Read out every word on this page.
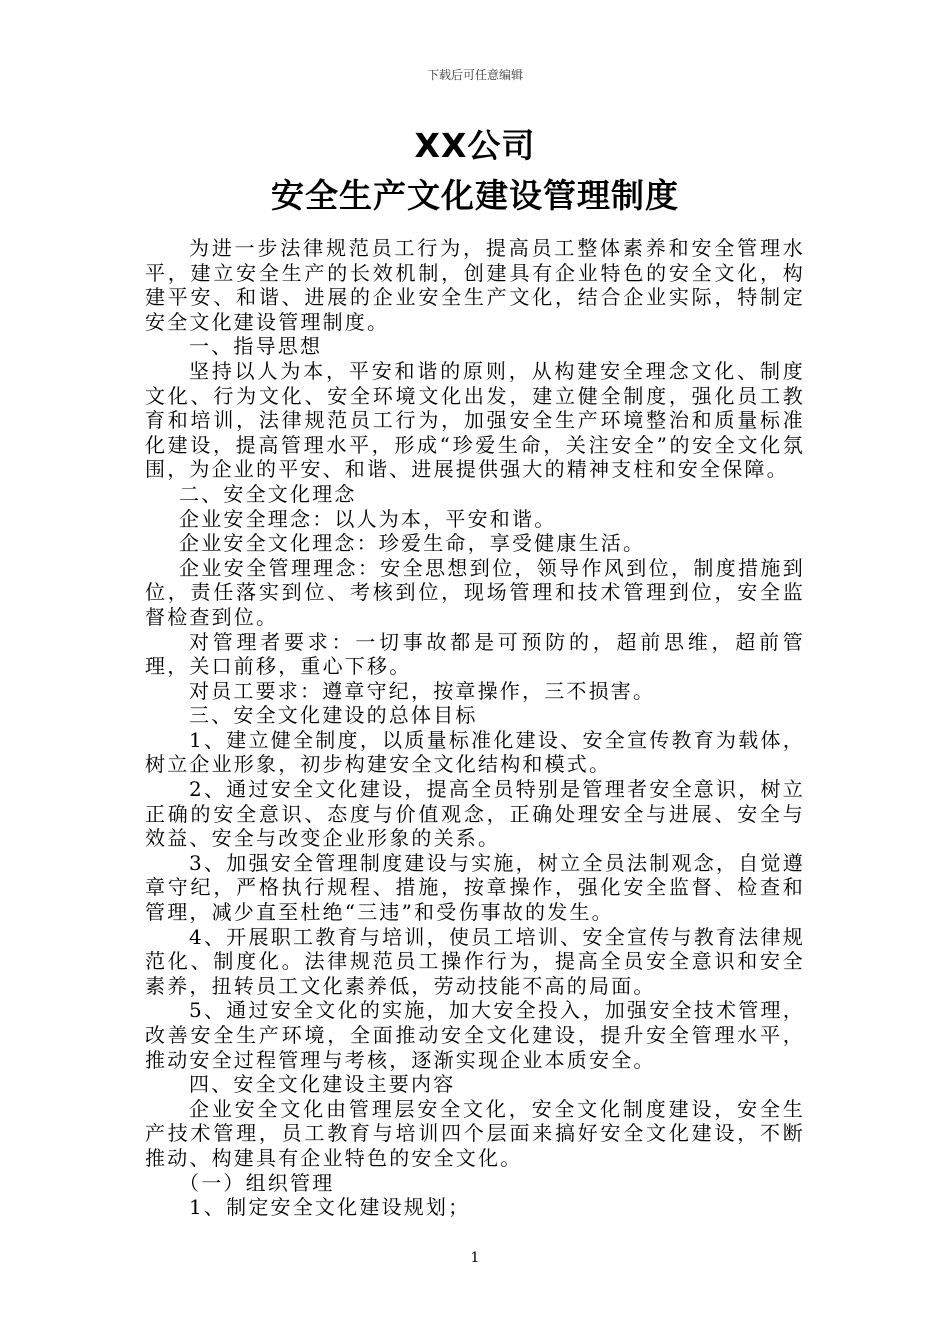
下载后可任意编辑
XX公司
安全生产文化建设管理制度

为进一步法律规范员工行为，提高员工整体素养和安全管理水平，建立安全生产的长效机制，创建具有企业特色的安全文化，构建平安、和谐、进展的企业安全生产文化，结合企业实际，特制定安全文化建设管理制度。

一、指导思想

坚持以人为本，平安和谐的原则，从构建安全理念文化、制度文化、行为文化、安全环境文化出发，建立健全制度，强化员工教育和培训，法律规范员工行为，加强安全生产环境整治和质量标准化建设，提高管理水平，形成“珍爱生命，关注安全”的安全文化氛围，为企业的平安、和谐、进展提供强大的精神支柱和安全保障。

二、安全文化理念

企业安全理念：以人为本，平安和谐。

企业安全文化理念：珍爱生命，享受健康生活。

企业安全管理理念：安全思想到位，领导作风到位，制度措施到位，责任落实到位、考核到位，现场管理和技术管理到位，安全监督检查到位。

对管理者要求：一切事故都是可预防的，超前思维，超前管理，关口前移，重心下移。

对员工要求：遵章守纪，按章操作，三不损害。

三、安全文化建设的总体目标

1、建立健全制度，以质量标准化建设、安全宣传教育为载体，树立企业形象，初步构建安全文化结构和模式。

2、通过安全文化建设，提高全员特别是管理者安全意识，树立正确的安全意识、态度与价值观念，正确处理安全与进展、安全与效益、安全与改变企业形象的关系。

3、加强安全管理制度建设与实施，树立全员法制观念，自觉遵章守纪，严格执行规程、措施，按章操作，强化安全监督、检查和管理，减少直至杜绝“三违”和受伤事故的发生。

4、开展职工教育与培训，使员工培训、安全宣传与教育法律规范化、制度化。法律规范员工操作行为，提高全员安全意识和安全素养，扭转员工文化素养低，劳动技能不高的局面。

5、通过安全文化的实施，加大安全投入，加强安全技术管理，改善安全生产环境，全面推动安全文化建设，提升安全管理水平，推动安全过程管理与考核，逐渐实现企业本质安全。

四、安全文化建设主要内容

企业安全文化由管理层安全文化，安全文化制度建设，安全生产技术管理，员工教育与培训四个层面来搞好安全文化建设，不断推动、构建具有企业特色的安全文化。

（一）组织管理

1、制定安全文化建设规划；

1
